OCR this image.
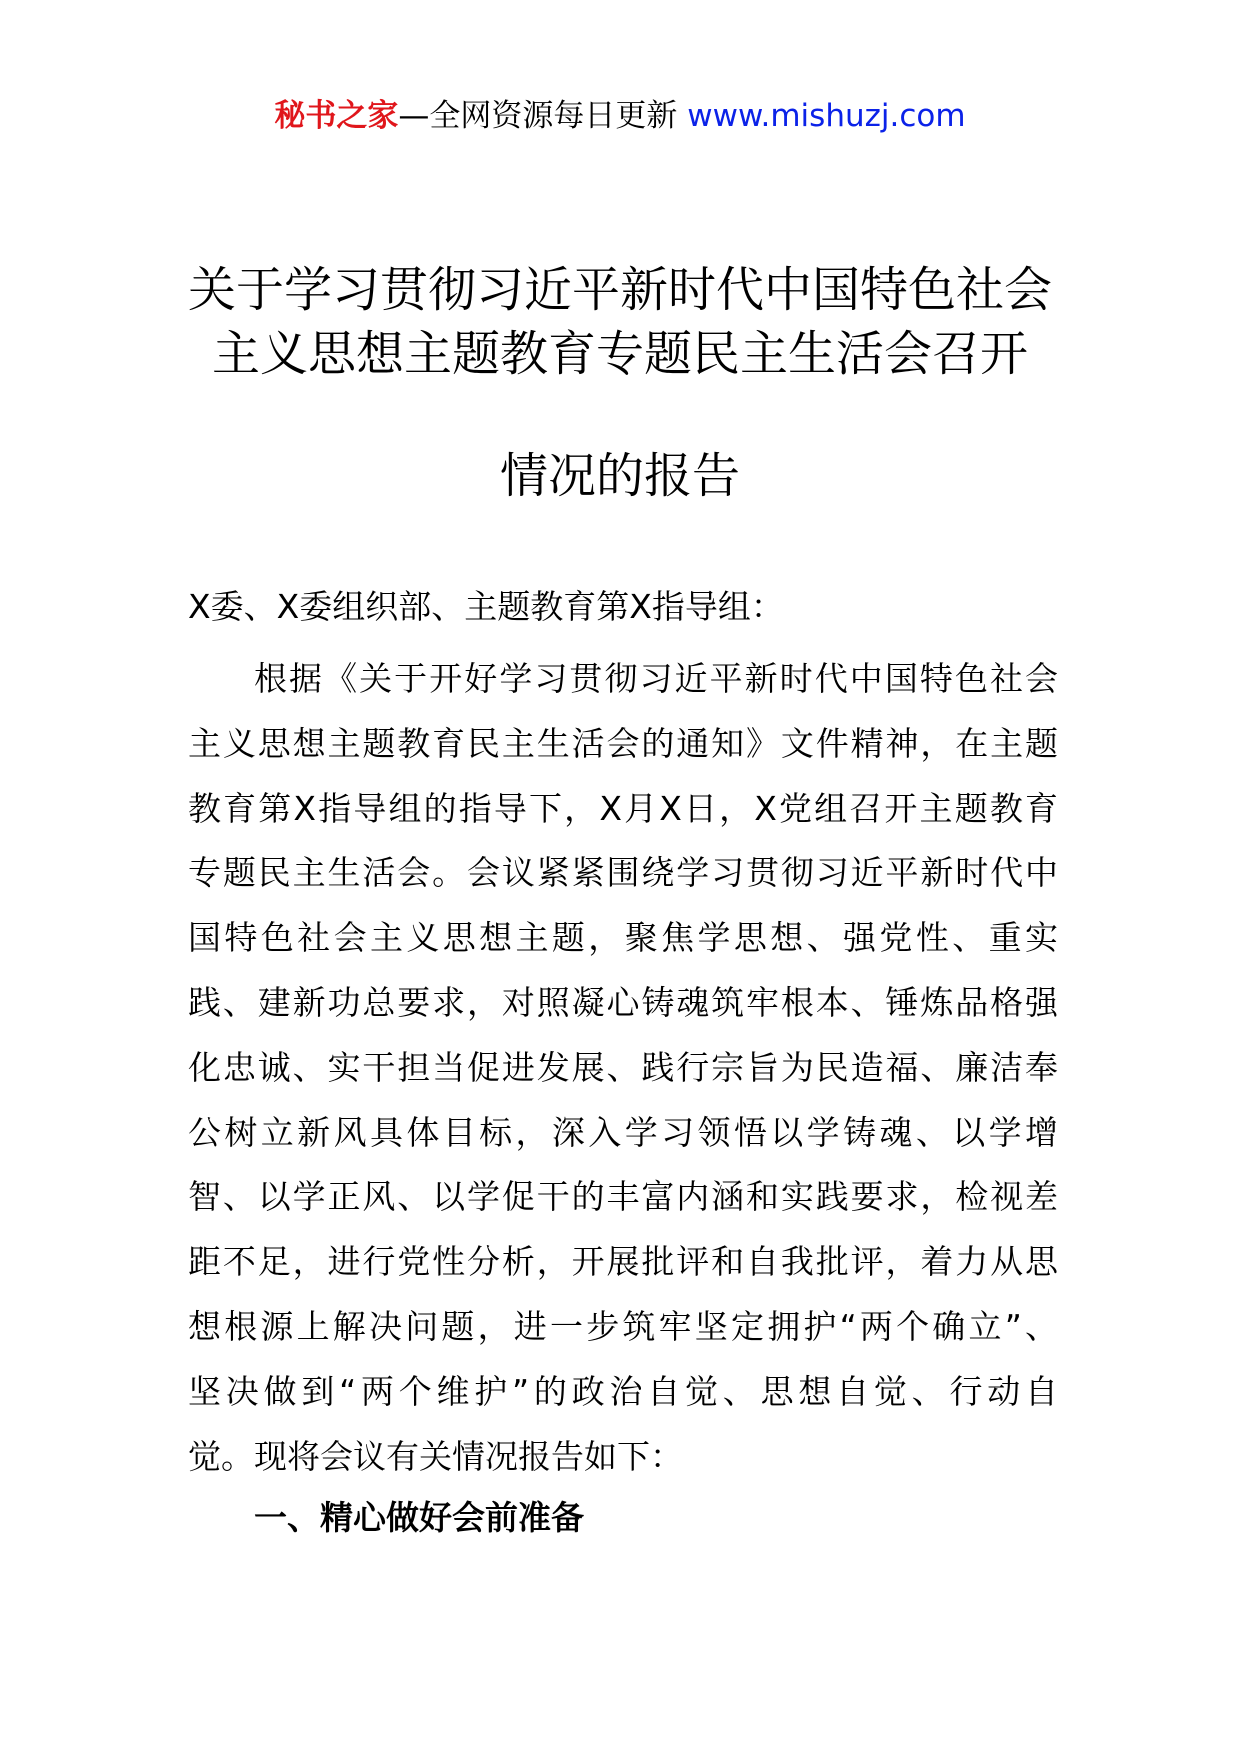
秘书之家—全网资源每日更新 www.mishuzj.com
关于学习贯彻习近平新时代中国特色社会
主义思想主题教育专题民主生活会召开
情况的报告

X委、X委组织部、主题教育第X指导组：

根据《关于开好学习贯彻习近平新时代中国特色社会
主义思想主题教育民主生活会的通知》文件精神，在主题
教育第X指导组的指导下，X月X日，X党组召开主题教育
专题民主生活会。会议紧紧围绕学习贯彻习近平新时代中
国特色社会主义思想主题，聚焦学思想、强党性、重实
践、建新功总要求，对照凝心铸魂筑牢根本、锤炼品格强
化忠诚、实干担当促进发展、践行宗旨为民造福、廉洁奉
公树立新风具体目标，深入学习领悟以学铸魂、以学增
智、以学正风、以学促干的丰富内涵和实践要求，检视差
距不足，进行党性分析，开展批评和自我批评，着力从思
想根源上解决问题，进一步筑牢坚定拥护“两个确立”、
坚决做到“两个维护”的政治自觉、思想自觉、行动自
觉。现将会议有关情况报告如下：
一、精心做好会前准备
